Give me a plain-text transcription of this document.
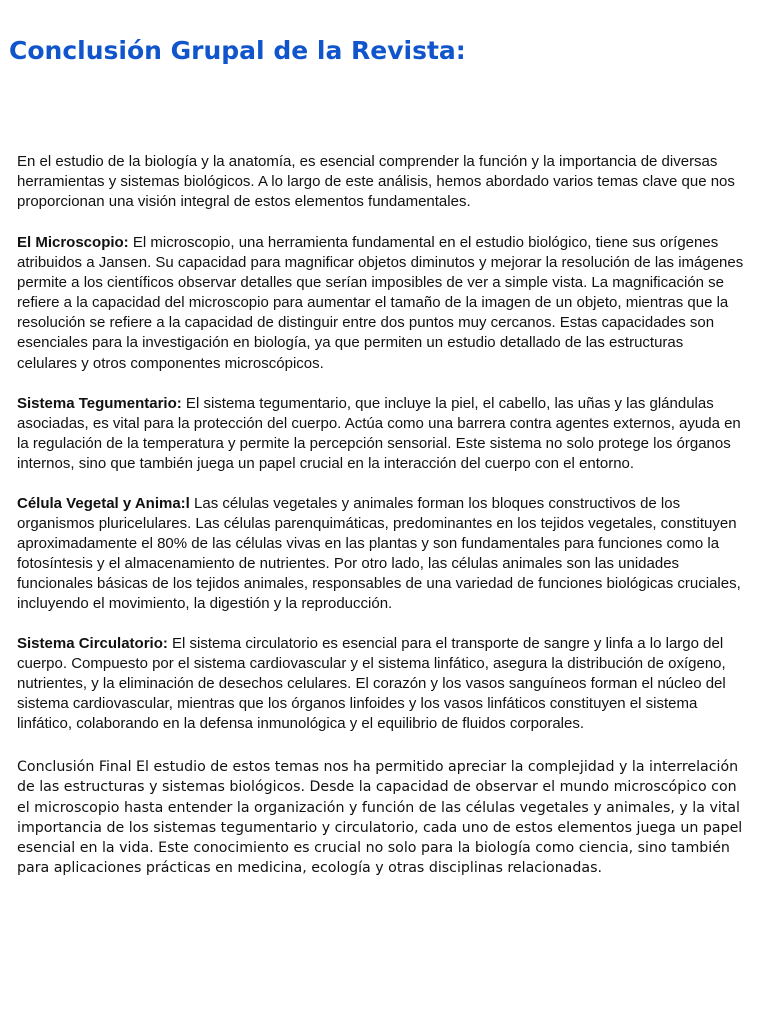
Conclusión Grupal de la Revista:

En el estudio de la biología y la anatomía, es esencial comprender la función y la importancia de diversas herramientas y sistemas biológicos. A lo largo de este análisis, hemos abordado varios temas clave que nos proporcionan una visión integral de estos elementos fundamentales.

El Microscopio: El microscopio, una herramienta fundamental en el estudio biológico, tiene sus orígenes atribuidos a Jansen. Su capacidad para magnificar objetos diminutos y mejorar la resolución de las imágenes permite a los científicos observar detalles que serían imposibles de ver a simple vista. La magnificación se refiere a la capacidad del microscopio para aumentar el tamaño de la imagen de un objeto, mientras que la resolución se refiere a la capacidad de distinguir entre dos puntos muy cercanos. Estas capacidades son esenciales para la investigación en biología, ya que permiten un estudio detallado de las estructuras celulares y otros componentes microscópicos.

Sistema Tegumentario: El sistema tegumentario, que incluye la piel, el cabello, las uñas y las glándulas asociadas, es vital para la protección del cuerpo. Actúa como una barrera contra agentes externos, ayuda en la regulación de la temperatura y permite la percepción sensorial. Este sistema no solo protege los órganos internos, sino que también juega un papel crucial en la interacción del cuerpo con el entorno.

Célula Vegetal y Anima:l Las células vegetales y animales forman los bloques constructivos de los organismos pluricelulares. Las células parenquimáticas, predominantes en los tejidos vegetales, constituyen aproximadamente el 80% de las células vivas en las plantas y son fundamentales para funciones como la fotosíntesis y el almacenamiento de nutrientes. Por otro lado, las células animales son las unidades funcionales básicas de los tejidos animales, responsables de una variedad de funciones biológicas cruciales, incluyendo el movimiento, la digestión y la reproducción.

Sistema Circulatorio: El sistema circulatorio es esencial para el transporte de sangre y linfa a lo largo del cuerpo. Compuesto por el sistema cardiovascular y el sistema linfático, asegura la distribución de oxígeno, nutrientes, y la eliminación de desechos celulares. El corazón y los vasos sanguíneos forman el núcleo del sistema cardiovascular, mientras que los órganos linfoides y los vasos linfáticos constituyen el sistema linfático, colaborando en la defensa inmunológica y el equilibrio de fluidos corporales.

Conclusión Final El estudio de estos temas nos ha permitido apreciar la complejidad y la interrelación de las estructuras y sistemas biológicos. Desde la capacidad de observar el mundo microscópico con el microscopio hasta entender la organización y función de las células vegetales y animales, y la vital importancia de los sistemas tegumentario y circulatorio, cada uno de estos elementos juega un papel esencial en la vida. Este conocimiento es crucial no solo para la biología como ciencia, sino también para aplicaciones prácticas en medicina, ecología y otras disciplinas relacionadas.
